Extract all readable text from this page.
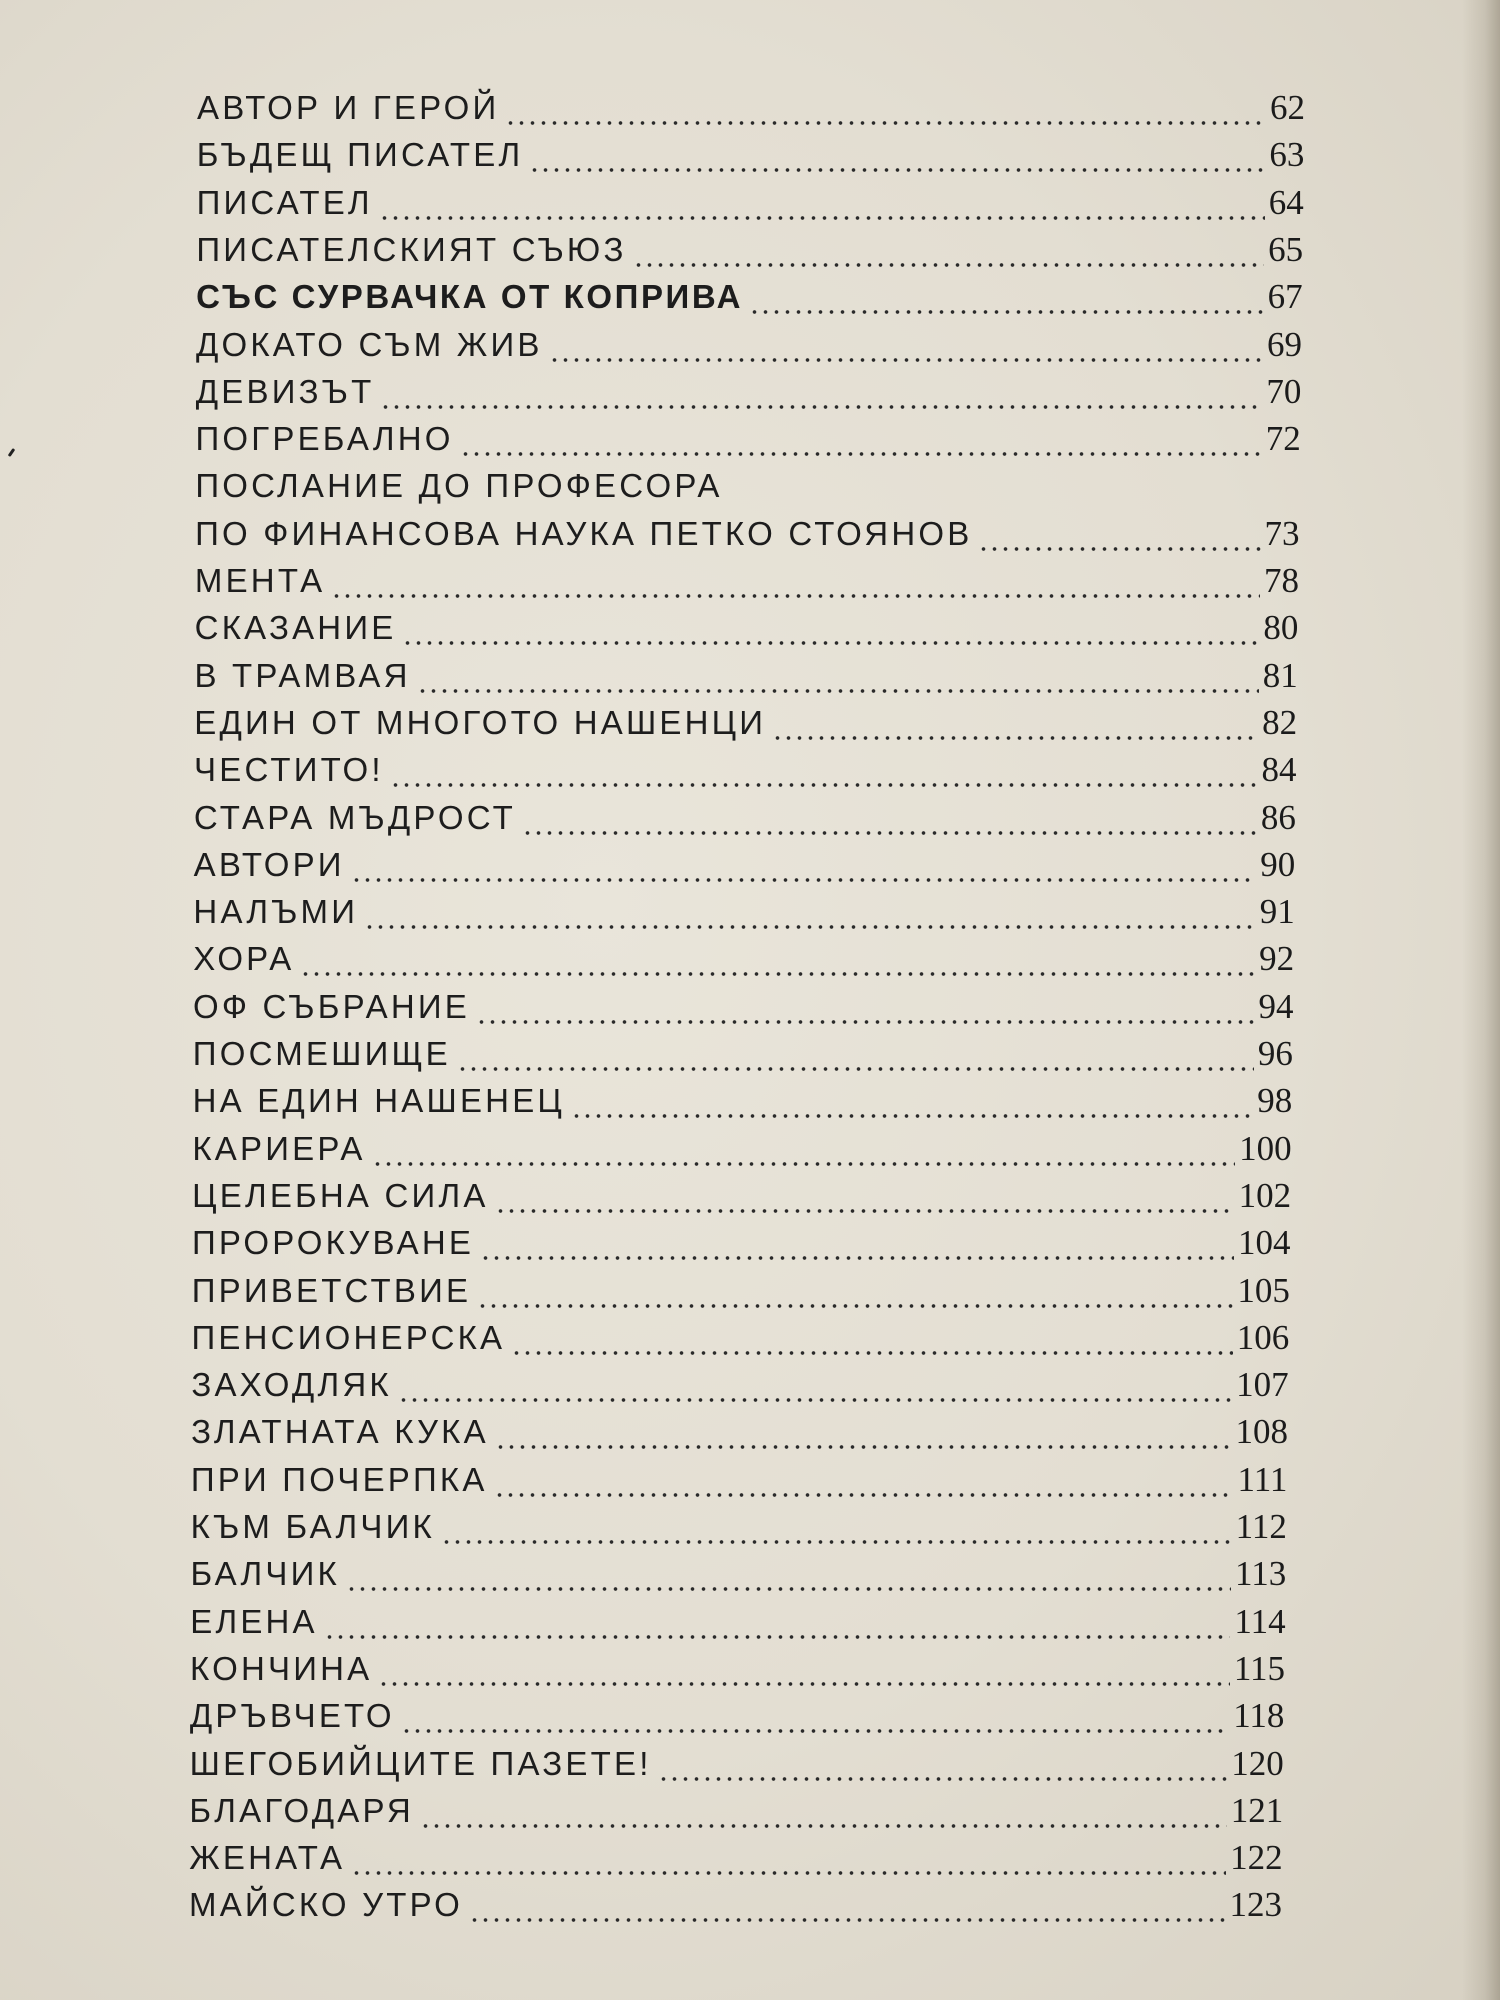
АВТОР И ГЕРОЙ	62
БЪДЕЩ ПИСАТЕЛ	63
ПИСАТЕЛ	64
ПИСАТЕЛСКИЯТ СЪЮЗ	65
СЪС СУРВАЧКА ОТ КОПРИВА	67
ДОКАТО СЪМ ЖИВ	69
ДЕВИЗЪТ	70
ПОГРЕБАЛНО	72
ПОСЛАНИЕ ДО ПРОФЕСОРА
ПО ФИНАНСОВА НАУКА ПЕТКО СТОЯНОВ	73
МЕНТА	78
СКАЗАНИЕ	80
В ТРАМВАЯ	81
ЕДИН ОТ МНОГОТО НАШЕНЦИ	82
ЧЕСТИТО!	84
СТАРА МЪДРОСТ	86
АВТОРИ	90
НАЛЪМИ	91
ХОРА	92
ОФ СЪБРАНИЕ	94
ПОСМЕШИЩЕ	96
НА ЕДИН НАШЕНЕЦ	98
КАРИЕРА	100
ЦЕЛЕБНА СИЛА	102
ПРОРОКУВАНЕ	104
ПРИВЕТСТВИЕ	105
ПЕНСИОНЕРСКА	106
ЗАХОДЛЯК	107
ЗЛАТНАТА КУКА	108
ПРИ ПОЧЕРПКА	111
КЪМ БАЛЧИК	112
БАЛЧИК	113
ЕЛЕНА	114
КОНЧИНА	115
ДРЪВЧЕТО	118
ШЕГОБИЙЦИТЕ ПАЗЕТЕ!	120
БЛАГОДАРЯ	121
ЖЕНАТА	122
МАЙСКО УТРО	123
